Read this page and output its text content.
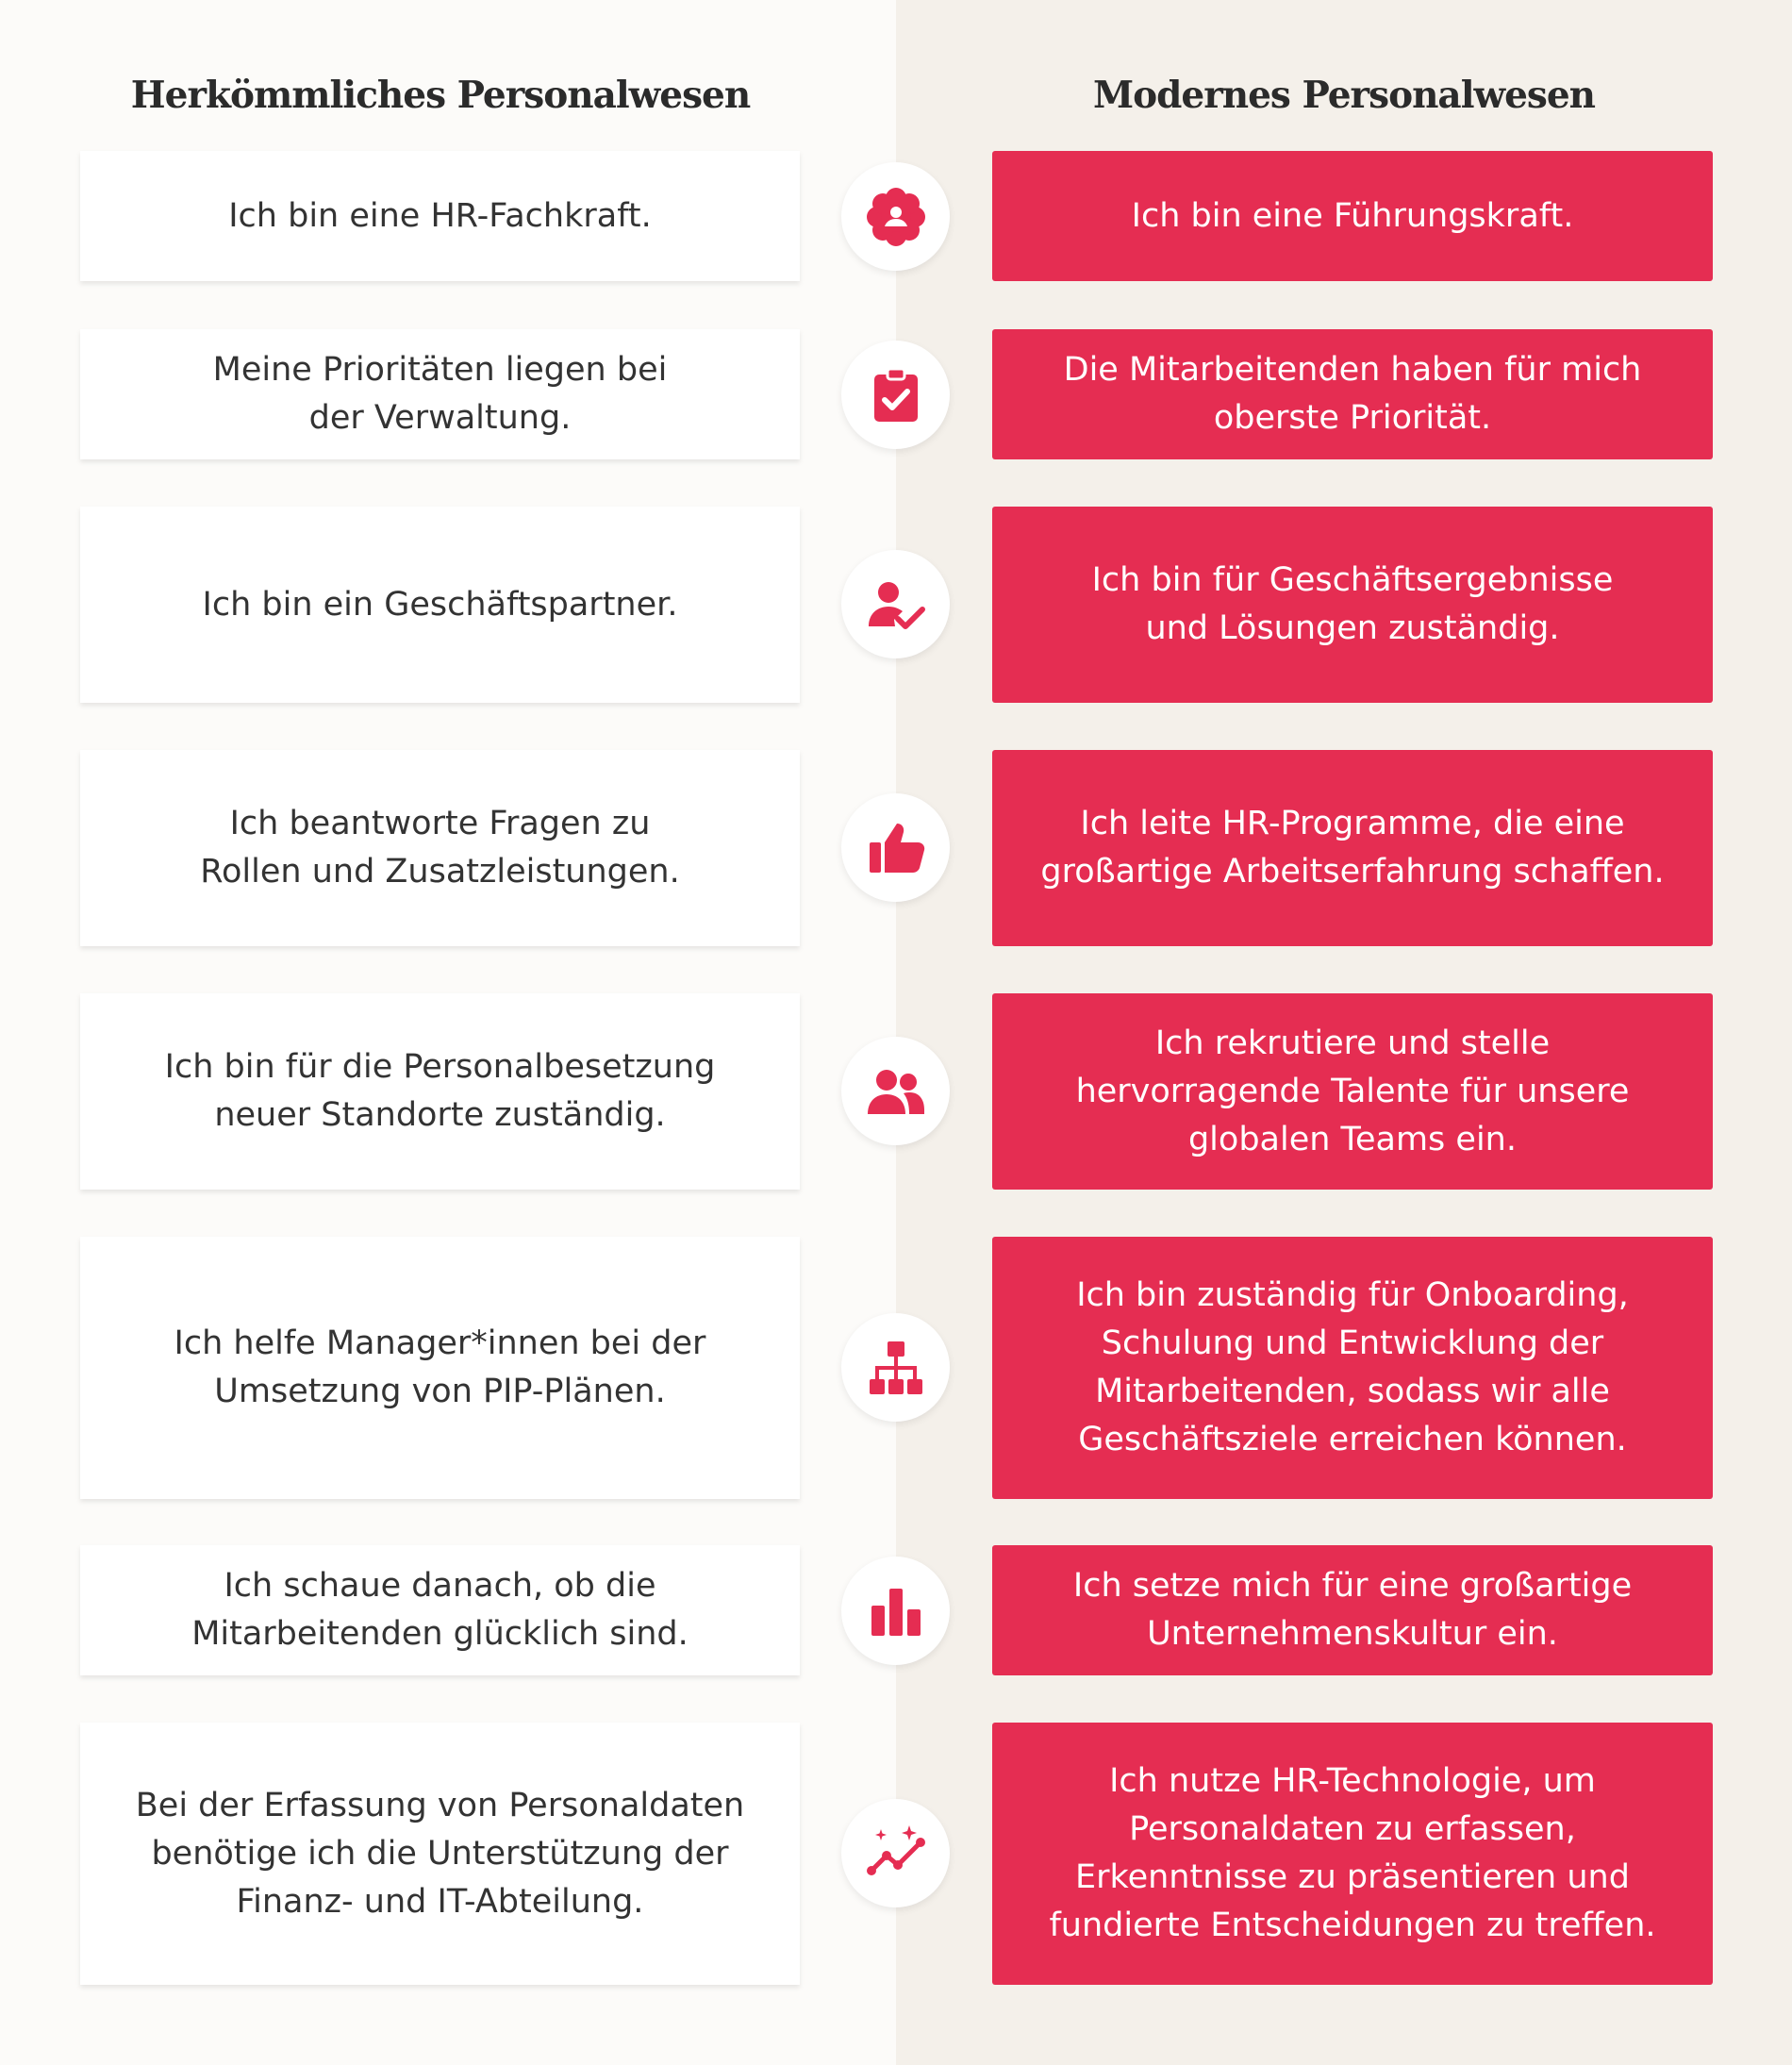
Herkömmliches Personalwesen	Modernes Personalwesen
Ich bin eine HR-Fachkraft.	Ich bin eine Führungskraft.
Meine Prioritäten liegen bei
der Verwaltung.
Die Mitarbeitenden haben für mich
oberste Priorität.
Ich bin ein Geschäftspartner.
Ich bin für Geschäftsergebnisse
und Lösungen zuständig.
Ich beantworte Fragen zu
Rollen und Zusatzleistungen.
Ich leite HR-Programme, die eine
großartige Arbeitserfahrung schaffen.
Ich bin für die Personalbesetzung
neuer Standorte zuständig.
Ich rekrutiere und stelle
hervorragende Talente für unsere
globalen Teams ein.
Ich helfe Manager*innen bei der
Umsetzung von PIP-Plänen.
Ich bin zuständig für Onboarding,
Schulung und Entwicklung der
Mitarbeitenden, sodass wir alle
Geschäftsziele erreichen können.
Ich schaue danach, ob die
Mitarbeitenden glücklich sind.
Ich setze mich für eine großartige
Unternehmenskultur ein.
Bei der Erfassung von Personaldaten
benötige ich die Unterstützung der
Finanz- und IT-Abteilung.
Ich nutze HR-Technologie, um
Personaldaten zu erfassen,
Erkenntnisse zu präsentieren und
fundierte Entscheidungen zu treffen.
